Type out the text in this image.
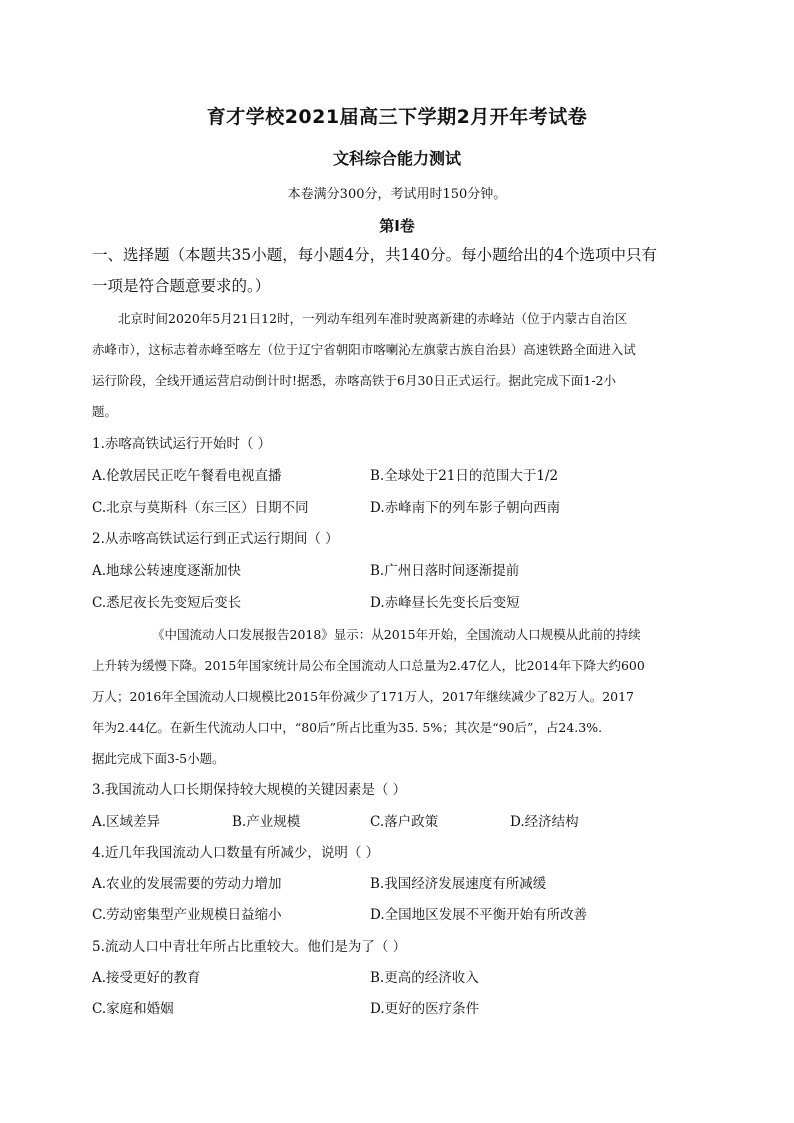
育才学校2021届高三下学期2月开年考试卷
文科综合能力测试
本卷满分300分，考试用时150分钟。
第Ⅰ卷
一、选择题（本题共35小题，每小题4分，共140分。每小题给出的4个选项中只有
一项是符合题意要求的。）
北京时间2020年5月21日12时，一列动车组列车准时驶离新建的赤峰站（位于内蒙古自治区
赤峰市），这标志着赤峰至喀左（位于辽宁省朝阳市喀喇沁左旗蒙古族自治县）高速铁路全面进入试
运行阶段，全线开通运营启动倒计时!据悉，赤喀高铁于6月30日正式运行。据此完成下面1-2小
题。
1.赤喀高铁试运行开始时（ ）
A.伦敦居民正吃午餐看电视直播	B.全球处于21日的范围大于1/2
C.北京与莫斯科（东三区）日期不同	D.赤峰南下的列车影子朝向西南
2.从赤喀高铁试运行到正式运行期间（ ）
A.地球公转速度逐渐加快	B.广州日落时间逐渐提前
C.悉尼夜长先变短后变长	D.赤峰昼长先变长后变短
《中国流动人口发展报告2018》显示：从2015年开始，全国流动人口规模从此前的持续
上升转为缓慢下降。2015年国家统计局公布全国流动人口总量为2.47亿人，比2014年下降大约600
万人；2016年全国流动人口规模比2015年份减少了171万人，2017年继续减少了82万人。2017
年为2.44亿。在新生代流动人口中，“80后”所占比重为35. 5%；其次是“90后”，占24.3%.
据此完成下面3-5小题。
3.我国流动人口长期保持较大规模的关键因素是（ ）
A.区域差异	B.产业规模	C.落户政策	D.经济结构
4.近几年我国流动人口数量有所减少，说明（ ）
A.农业的发展需要的劳动力增加	B.我国经济发展速度有所减缓
C.劳动密集型产业规模日益缩小	D.全国地区发展不平衡开始有所改善
5.流动人口中青壮年所占比重较大。他们是为了（ ）
A.接受更好的教育	B.更高的经济收入
C.家庭和婚姻	D.更好的医疗条件
